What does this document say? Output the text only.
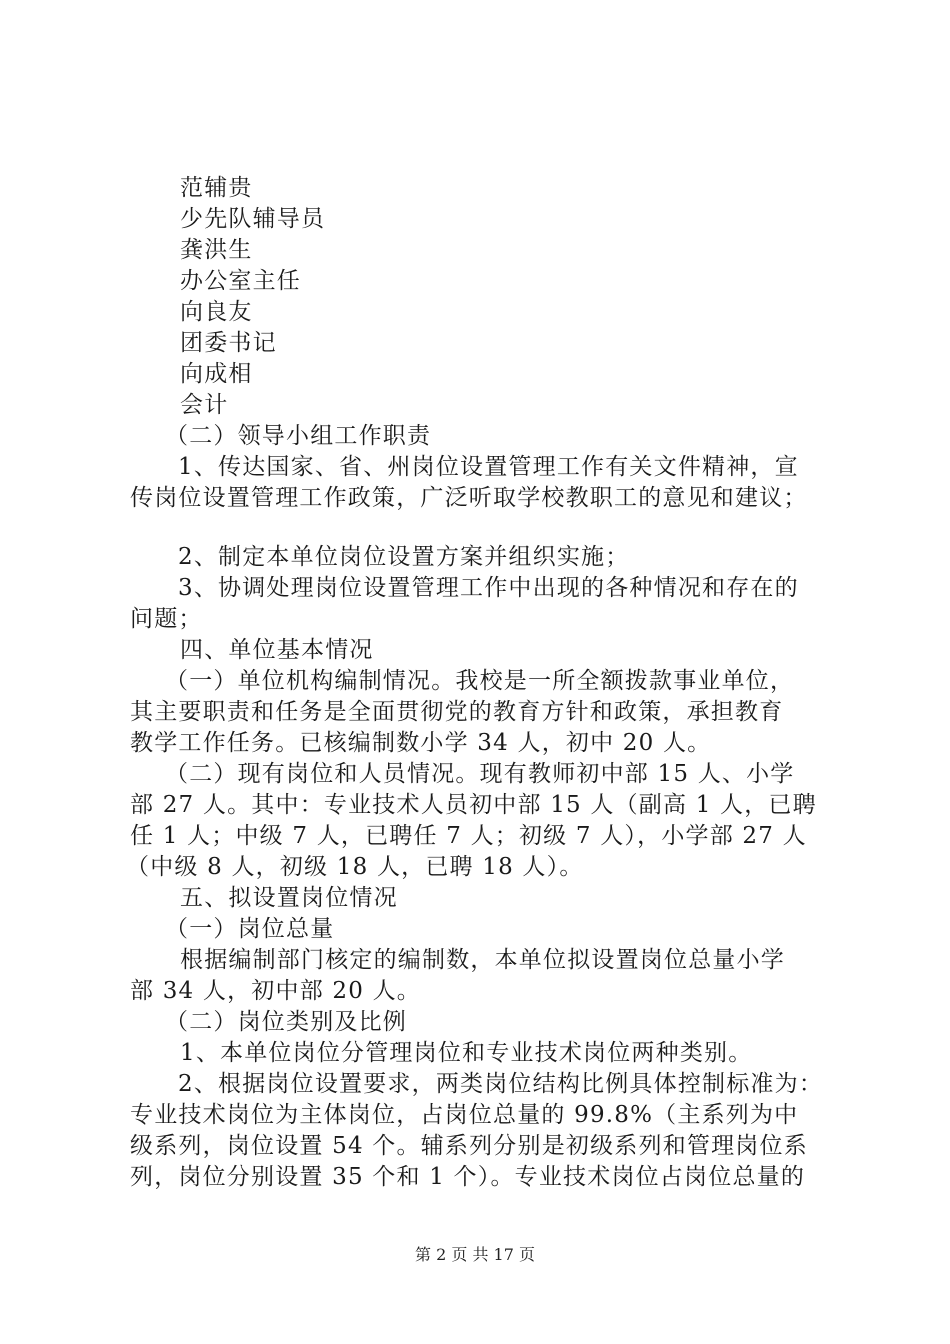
范辅贵
少先队辅导员
龚洪生
办公室主任
向良友
团委书记
向成相
会计
（二）领导小组工作职责
1、传达国家、省、州岗位设置管理工作有关文件精神，宣
传岗位设置管理工作政策，广泛听取学校教职工的意见和建议；
2、制定本单位岗位设置方案并组织实施；
3、协调处理岗位设置管理工作中出现的各种情况和存在的
问题；
四、单位基本情况
（一）单位机构编制情况。我校是一所全额拨款事业单位，
其主要职责和任务是全面贯彻党的教育方针和政策，承担教育
教学工作任务。已核编制数小学 34 人，初中 20 人。
（二）现有岗位和人员情况。现有教师初中部 15 人、小学
部 27 人。其中：专业技术人员初中部 15 人（副高 1 人，已聘
任 1 人；中级 7 人，已聘任 7 人；初级 7 人），小学部 27 人
（中级 8 人，初级 18 人，已聘 18 人）。
五、拟设置岗位情况
（一）岗位总量
根据编制部门核定的编制数，本单位拟设置岗位总量小学
部 34 人，初中部 20 人。
（二）岗位类别及比例
1、本单位岗位分管理岗位和专业技术岗位两种类别。
2、根据岗位设置要求，两类岗位结构比例具体控制标准为：
专业技术岗位为主体岗位，占岗位总量的 99.8%（主系列为中
级系列，岗位设置 54 个。辅系列分别是初级系列和管理岗位系
列，岗位分别设置 35 个和 1 个）。专业技术岗位占岗位总量的
第 2 页 共 17 页
